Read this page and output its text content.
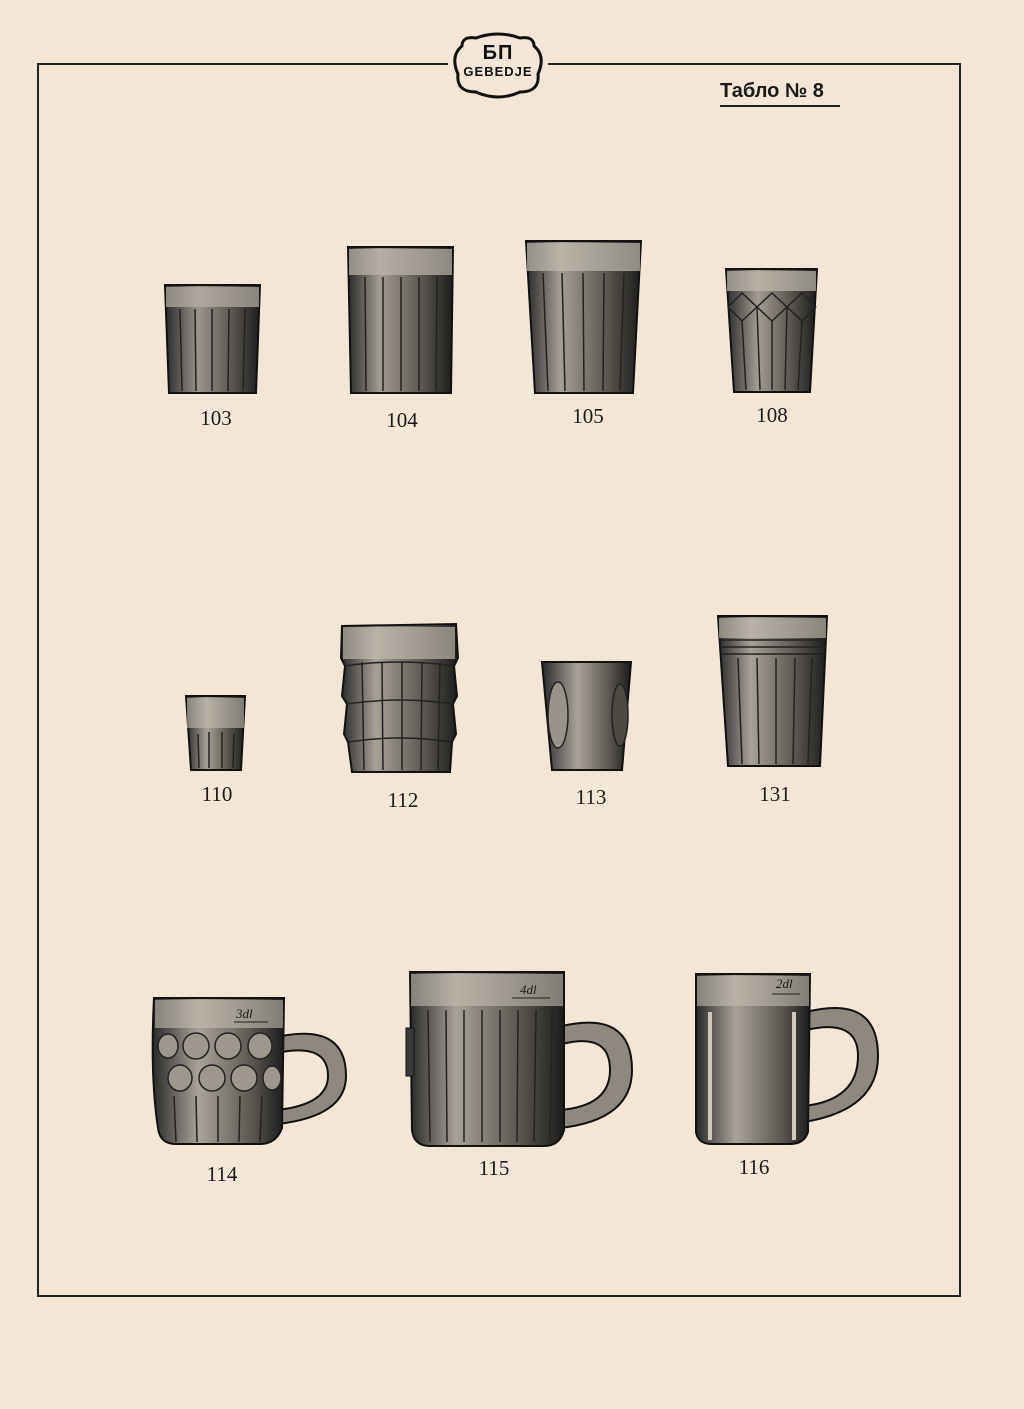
БП
GEBEDJE
Табло № 8
103	104	105	108
110	112	113	131
3dl
114
4dl
115
2dl
116
